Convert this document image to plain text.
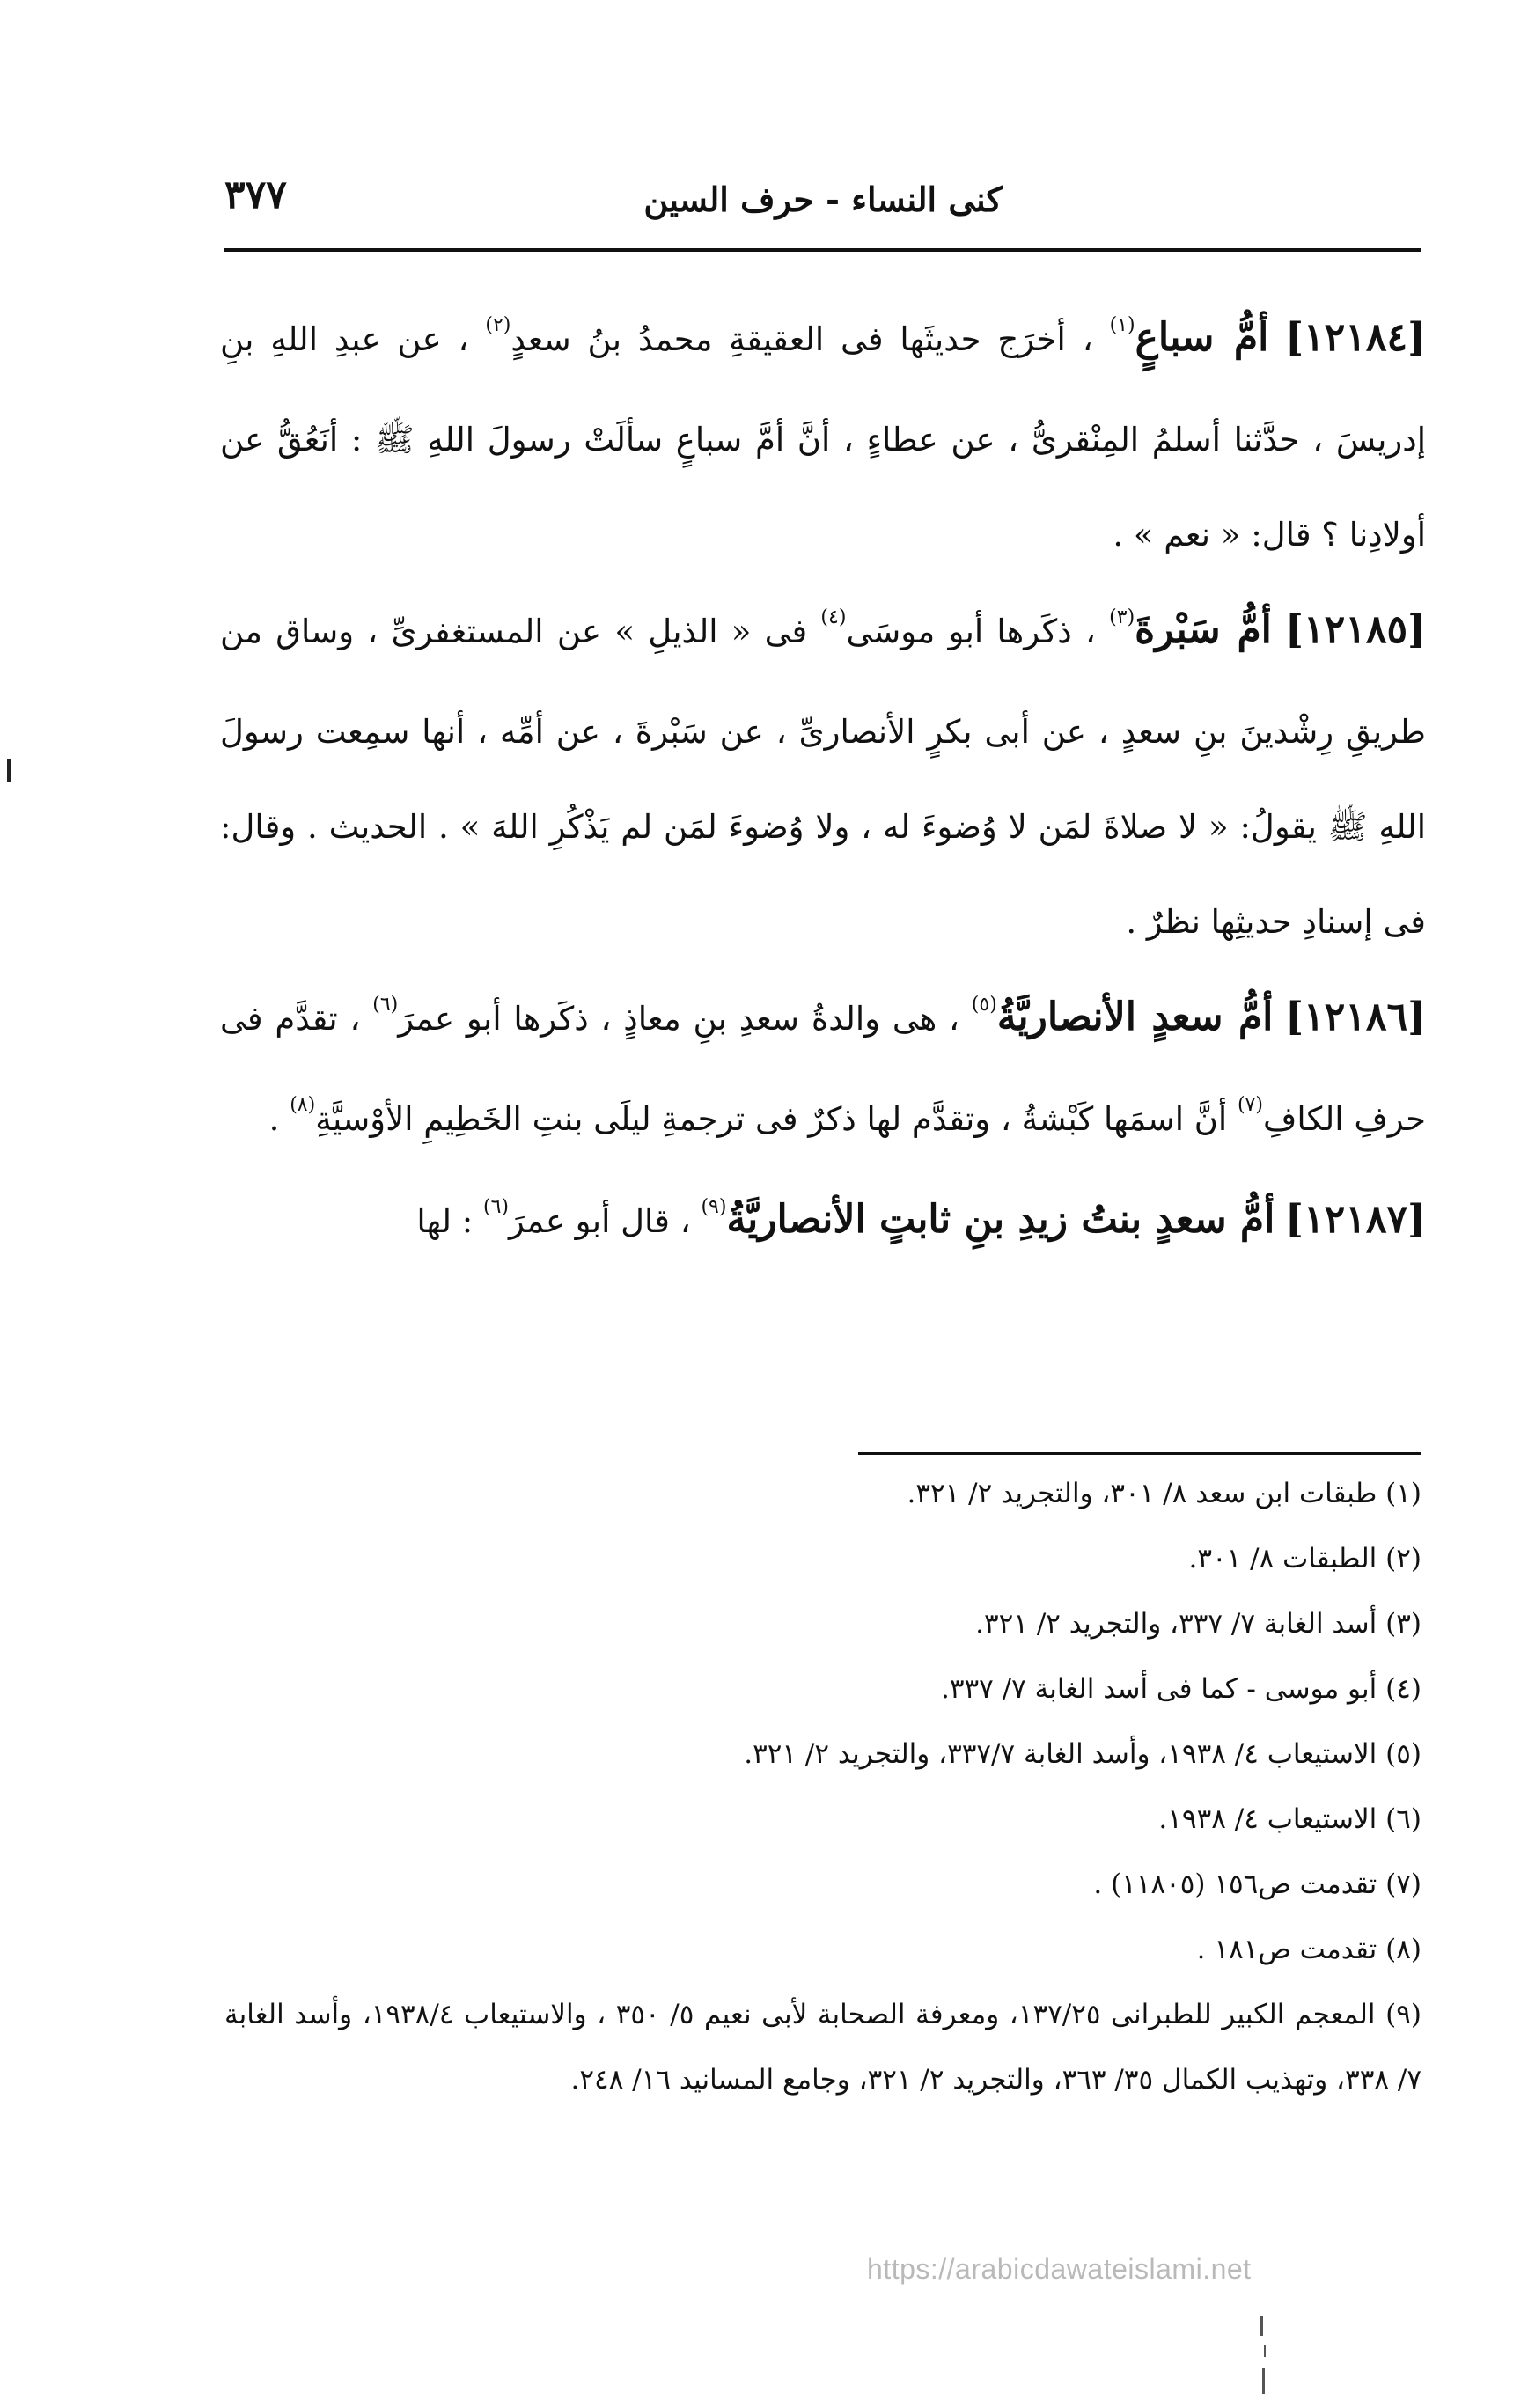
٣٧٧	كنى النساء - حرف السين

[١٢١٨٤] أمُّ سباعٍ$^{(١)}$ ، أخرَج حديثَها فى العقيقةِ محمدُ بنُ سعدٍ$^{(٢)}$ ، عن عبدِ اللهِ بنِ إدريسَ ، حدَّثنا أسلمُ المِنْقرىُّ ، عن عطاءٍ ، أنَّ أمَّ سباعٍ سألَتْ رسولَ اللهِ ﷺ : أنَعُقُّ عن أولادِنا ؟ قال: « نعم » .

[١٢١٨٥] أمُّ سَبْرةَ$^{(٣)}$ ، ذكَرها أبو موسَى$^{(٤)}$ فى « الذيلِ » عن المستغفرىِّ ، وساق من طريقِ رِشْدينَ بنِ سعدٍ ، عن أبى بكرٍ الأنصارىِّ ، عن سَبْرةَ ، عن أمِّه ، أنها سمِعت رسولَ اللهِ ﷺ يقولُ: « لا صلاةَ لمَن لا وُضوءَ له ، ولا وُضوءَ لمَن لم يَذْكُرِ اللهَ » . الحديث . وقال: فى إسنادِ حديثِها نظرٌ .

[١٢١٨٦] أمُّ سعدٍ الأنصاريَّةُ$^{(٥)}$ ، هى والدةُ سعدِ بنِ معاذٍ ، ذكَرها أبو عمرَ$^{(٦)}$ ، تقدَّم فى حرفِ الكافِ$^{(٧)}$ أنَّ اسمَها كَبْشةُ ، وتقدَّم لها ذكرٌ فى ترجمةِ ليلَى بنتِ الخَطِيمِ الأوْسيَّةِ$^{(٨)}$ .

[١٢١٨٧] أمُّ سعدٍ بنتُ زيدِ بنِ ثابتٍ الأنصاريَّةُ$^{(٩)}$ ، قال أبو عمرَ$^{(٦)}$ : لها

(١) طبقات ابن سعد ٨/ ٣٠١، والتجريد ٢/ ٣٢١.

(٢) الطبقات ٨/ ٣٠١.

(٣) أسد الغابة ٧/ ٣٣٧، والتجريد ٢/ ٣٢١.

(٤) أبو موسى - كما فى أسد الغابة ٧/ ٣٣٧.

(٥) الاستيعاب ٤/ ١٩٣٨، وأسد الغابة ٣٣٧/٧، والتجريد ٢/ ٣٢١.

(٦) الاستيعاب ٤/ ١٩٣٨.

(٧) تقدمت ص١٥٦ (١١٨٠٥) .

(٨) تقدمت ص١٨١ .

(٩) المعجم الكبير للطبرانى ١٣٧/٢٥، ومعرفة الصحابة لأبى نعيم ٥/ ٣٥٠ ، والاستيعاب ١٩٣٨/٤، وأسد الغابة ٧/ ٣٣٨، وتهذيب الكمال ٣٥/ ٣٦٣، والتجريد ٢/ ٣٢١، وجامع المسانيد ١٦/ ٢٤٨.

https://arabicdawateislami.net
